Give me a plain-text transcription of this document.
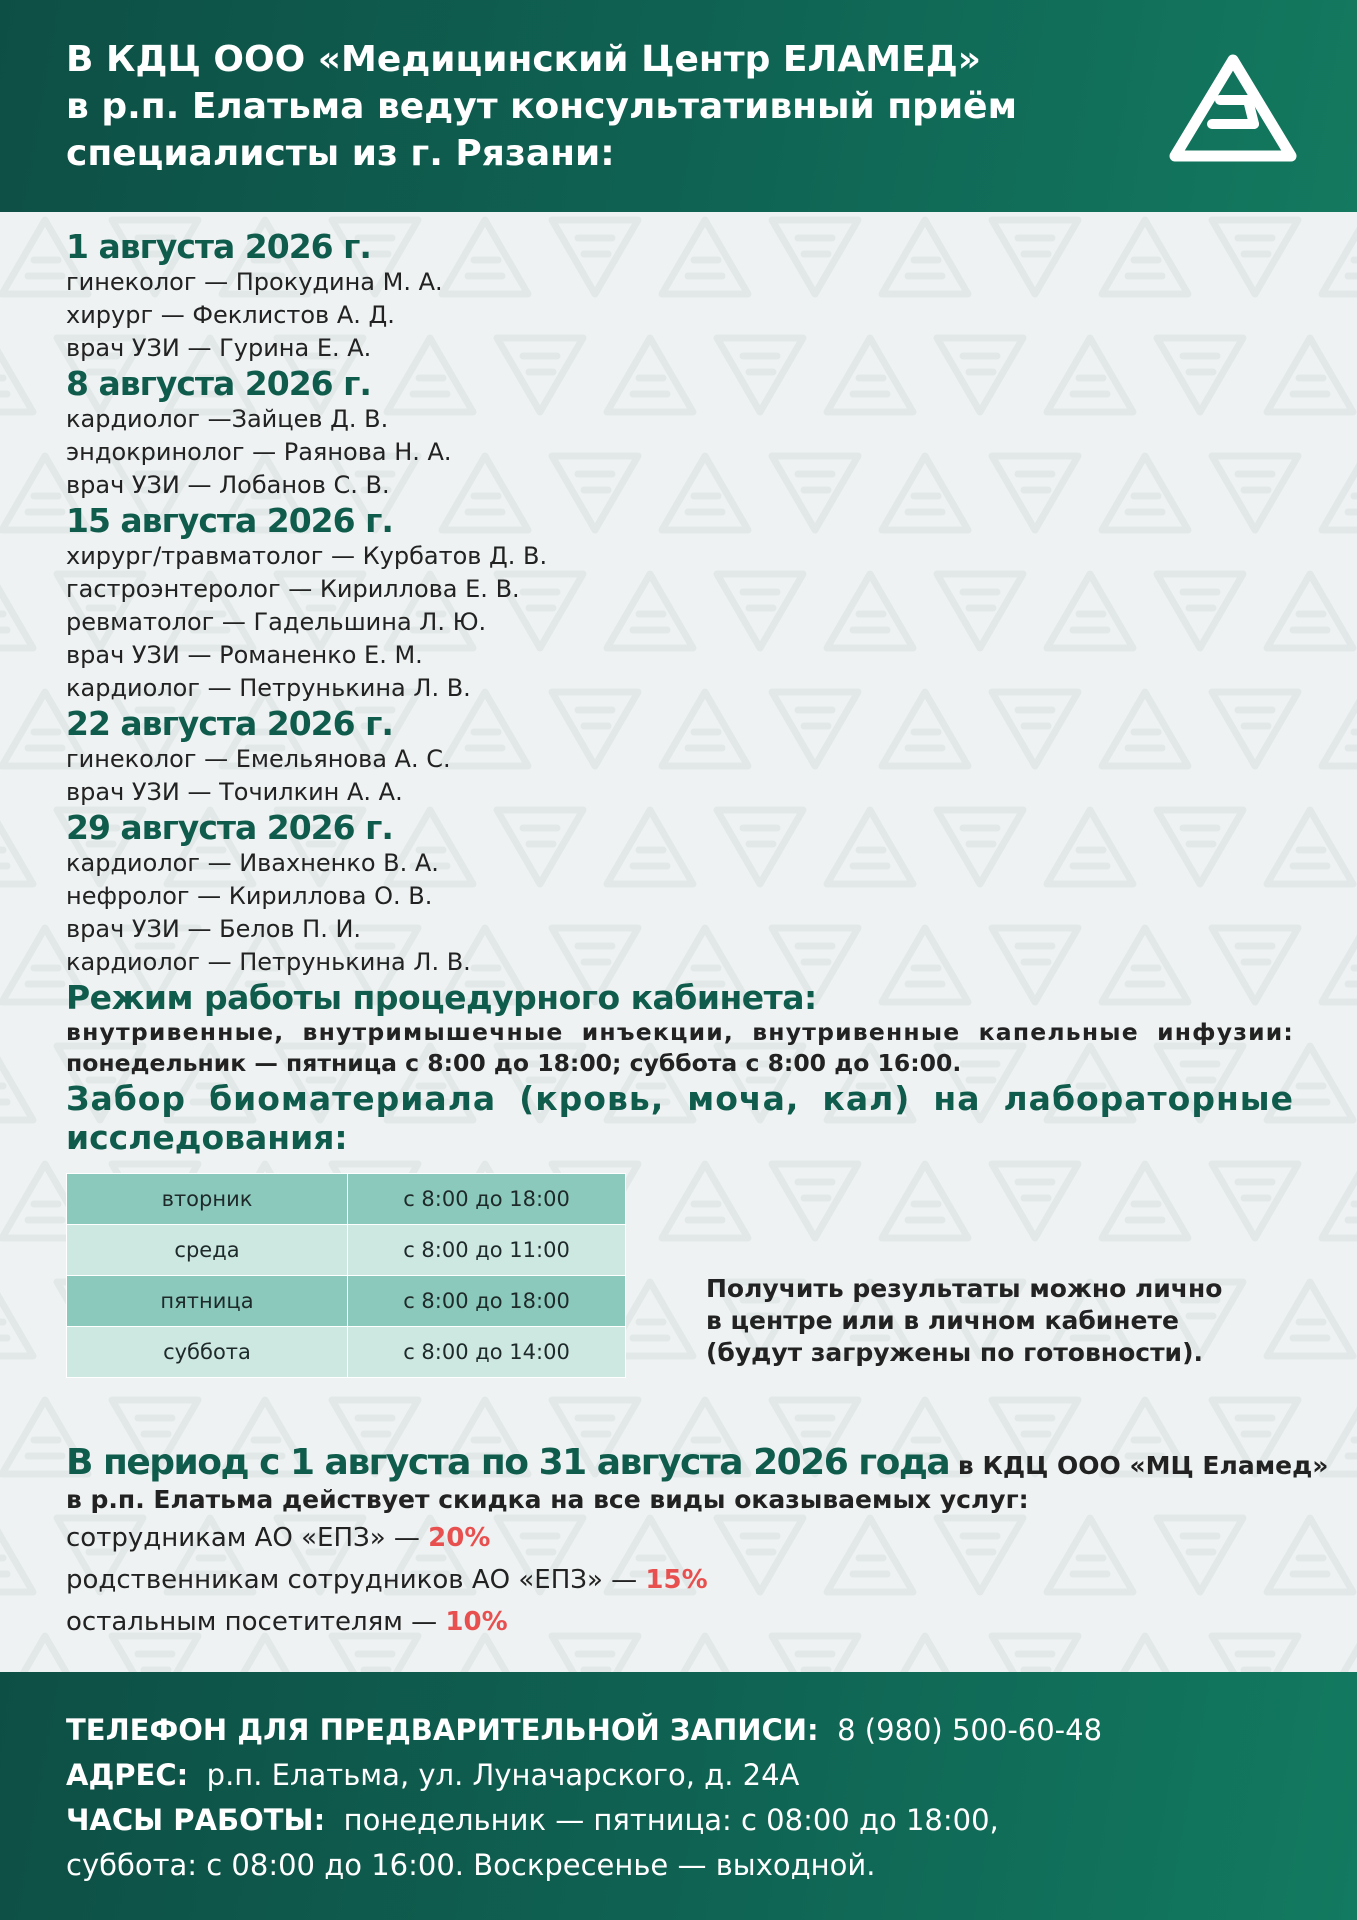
В КДЦ ООО «Медицинский Центр ЕЛАМЕД»
в р.п. Елатьма ведут консультативный приём
специалисты из г. Рязани:
1 августа 2026 г.
гинеколог — Прокудина М. А.
хирург — Феклистов А. Д.
врач УЗИ — Гурина Е. А.
8 августа 2026 г.
кардиолог —Зайцев Д. В.
эндокринолог — Раянова Н. А.
врач УЗИ — Лобанов С. В.
15 августа 2026 г.
хирург/травматолог — Курбатов Д. В.
гастроэнтеролог — Кириллова Е. В.
ревматолог — Гадельшина Л. Ю.
врач УЗИ — Романенко Е. М.
кардиолог — Петрунькина Л. В.
22 августа 2026 г.
гинеколог — Емельянова А. С.
врач УЗИ — Точилкин А. А.
29 августа 2026 г.
кардиолог — Ивахненко В. А.
нефролог — Кириллова О. В.
врач УЗИ — Белов П. И.
кардиолог — Петрунькина Л. В.
Режим работы процедурного кабинета:
внутривенные, внутримышечные инъекции, внутривенные капельные инфузии:
понедельник — пятница с 8:00 до 18:00; суббота с 8:00 до 16:00.
Забор биоматериала (кровь, моча, кал) на лабораторные
исследования:
вторник	с 8:00 до 18:00
среда	с 8:00 до 11:00
пятница	с 8:00 до 18:00
суббота	с 8:00 до 14:00
Получить результаты можно лично
в центре или в личном кабинете
(будут загружены по готовности).
В период с 1 августа по 31 августа 2026 года в КДЦ ООО «МЦ Еламед»
в р.п. Елатьма действует скидка на все виды оказываемых услуг:
сотрудникам АО «ЕПЗ» — 20%
родственникам сотрудников АО «ЕПЗ» — 15%
остальным посетителям — 10%
ТЕЛЕФОН ДЛЯ ПРЕДВАРИТЕЛЬНОЙ ЗАПИСИ: 8 (980) 500-60-48
АДРЕС: р.п. Елатьма, ул. Луначарского, д. 24А
ЧАСЫ РАБОТЫ: понедельник — пятница: с 08:00 до 18:00,
суббота: с 08:00 до 16:00. Воскресенье — выходной.
